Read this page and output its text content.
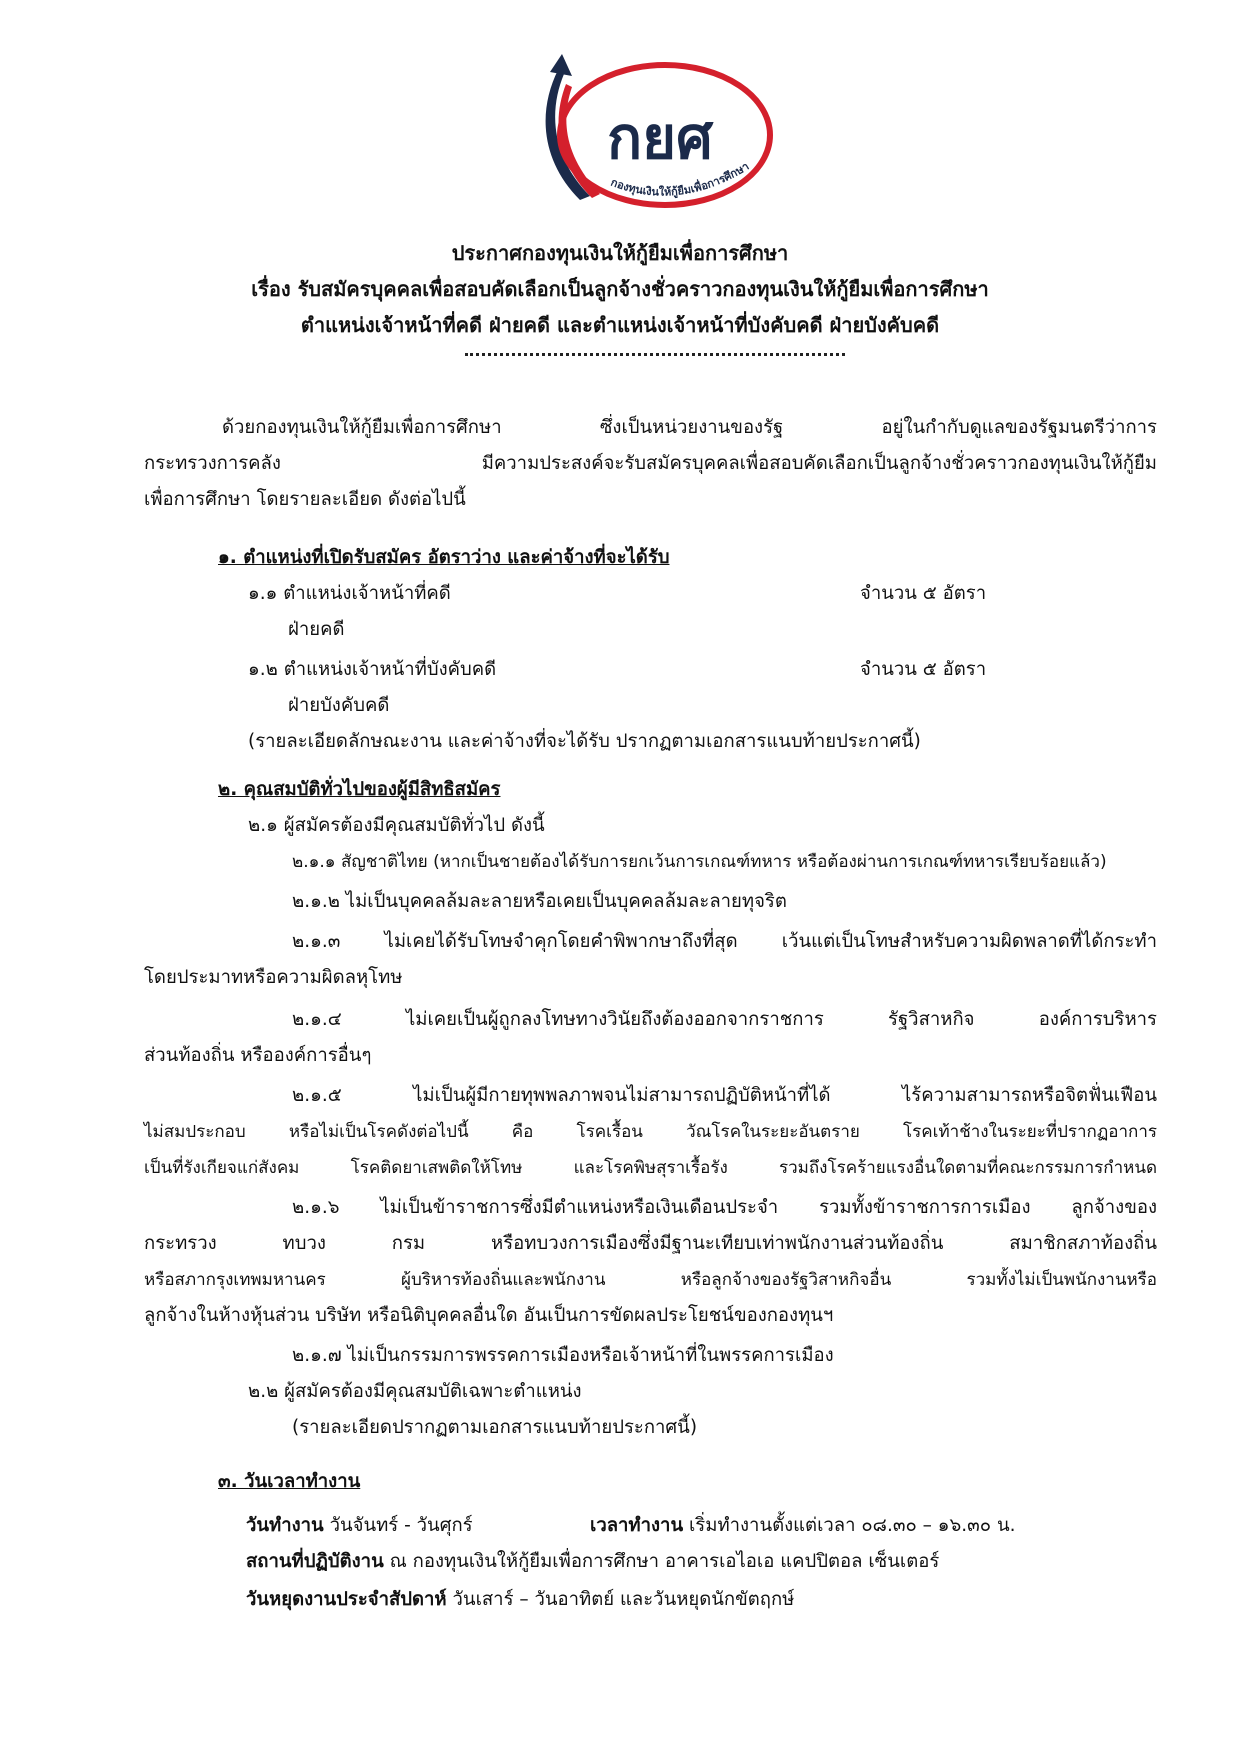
กยศ
กองทุนเงินให้กู้ยืมเพื่อการศึกษา
ประกาศกองทุนเงินให้กู้ยืมเพื่อการศึกษา
เรื่อง รับสมัครบุคคลเพื่อสอบคัดเลือกเป็นลูกจ้างชั่วคราวกองทุนเงินให้กู้ยืมเพื่อการศึกษา
ตำแหน่งเจ้าหน้าที่คดี ฝ่ายคดี และตำแหน่งเจ้าหน้าที่บังคับคดี ฝ่ายบังคับคดี
ด้วยกองทุนเงินให้กู้ยืมเพื่อการศึกษา ซึ่งเป็นหน่วยงานของรัฐ อยู่ในกำกับดูแลของรัฐมนตรีว่าการ
กระทรวงการคลัง มีความประสงค์จะรับสมัครบุคคลเพื่อสอบคัดเลือกเป็นลูกจ้างชั่วคราวกองทุนเงินให้กู้ยืม
เพื่อการศึกษา โดยรายละเอียด ดังต่อไปนี้
๑. ตำแหน่งที่เปิดรับสมัคร อัตราว่าง และค่าจ้างที่จะได้รับ
๑.๑ ตำแหน่งเจ้าหน้าที่คดี	จำนวน ๕ อัตรา
ฝ่ายคดี
๑.๒ ตำแหน่งเจ้าหน้าที่บังคับคดี	จำนวน ๕ อัตรา
ฝ่ายบังคับคดี
(รายละเอียดลักษณะงาน และค่าจ้างที่จะได้รับ ปรากฏตามเอกสารแนบท้ายประกาศนี้)
๒. คุณสมบัติทั่วไปของผู้มีสิทธิสมัคร
๒.๑ ผู้สมัครต้องมีคุณสมบัติทั่วไป ดังนี้
๒.๑.๑ สัญชาติไทย (หากเป็นชายต้องได้รับการยกเว้นการเกณฑ์ทหาร หรือต้องผ่านการเกณฑ์ทหารเรียบร้อยแล้ว)
๒.๑.๒ ไม่เป็นบุคคลล้มละลายหรือเคยเป็นบุคคลล้มละลายทุจริต
๒.๑.๓ ไม่เคยได้รับโทษจำคุกโดยคำพิพากษาถึงที่สุด เว้นแต่เป็นโทษสำหรับความผิดพลาดที่ได้กระทำ
โดยประมาทหรือความผิดลหุโทษ
๒.๑.๔ ไม่เคยเป็นผู้ถูกลงโทษทางวินัยถึงต้องออกจากราชการ รัฐวิสาหกิจ องค์การบริหาร
ส่วนท้องถิ่น หรือองค์การอื่นๆ
๒.๑.๕ ไม่เป็นผู้มีกายทุพพลภาพจนไม่สามารถปฏิบัติหน้าที่ได้ ไร้ความสามารถหรือจิตฟั่นเฟือน
ไม่สมประกอบ หรือไม่เป็นโรคดังต่อไปนี้ คือ โรคเรื้อน วัณโรคในระยะอันตราย โรคเท้าช้างในระยะที่ปรากฏอาการ
เป็นที่รังเกียจแก่สังคม โรคติดยาเสพติดให้โทษ และโรคพิษสุราเรื้อรัง รวมถึงโรคร้ายแรงอื่นใดตามที่คณะกรรมการกำหนด
๒.๑.๖ ไม่เป็นข้าราชการซึ่งมีตำแหน่งหรือเงินเดือนประจำ รวมทั้งข้าราชการการเมือง ลูกจ้างของ
กระทรวง ทบวง กรม หรือทบวงการเมืองซึ่งมีฐานะเทียบเท่าพนักงานส่วนท้องถิ่น สมาชิกสภาท้องถิ่น
หรือสภากรุงเทพมหานคร ผู้บริหารท้องถิ่นและพนักงาน หรือลูกจ้างของรัฐวิสาหกิจอื่น รวมทั้งไม่เป็นพนักงานหรือ
ลูกจ้างในห้างหุ้นส่วน บริษัท หรือนิติบุคคลอื่นใด อันเป็นการขัดผลประโยชน์ของกองทุนฯ
๒.๑.๗ ไม่เป็นกรรมการพรรคการเมืองหรือเจ้าหน้าที่ในพรรคการเมือง
๒.๒ ผู้สมัครต้องมีคุณสมบัติเฉพาะตำแหน่ง
(รายละเอียดปรากฏตามเอกสารแนบท้ายประกาศนี้)
๓. วันเวลาทำงาน
วันทำงาน วันจันทร์ - วันศุกร์	เวลาทำงาน เริ่มทำงานตั้งแต่เวลา ๐๘.๓๐ – ๑๖.๓๐ น.
สถานที่ปฏิบัติงาน ณ กองทุนเงินให้กู้ยืมเพื่อการศึกษา อาคารเอไอเอ แคปปิตอล เซ็นเตอร์
วันหยุดงานประจำสัปดาห์ วันเสาร์ – วันอาทิตย์ และวันหยุดนักขัตฤกษ์
